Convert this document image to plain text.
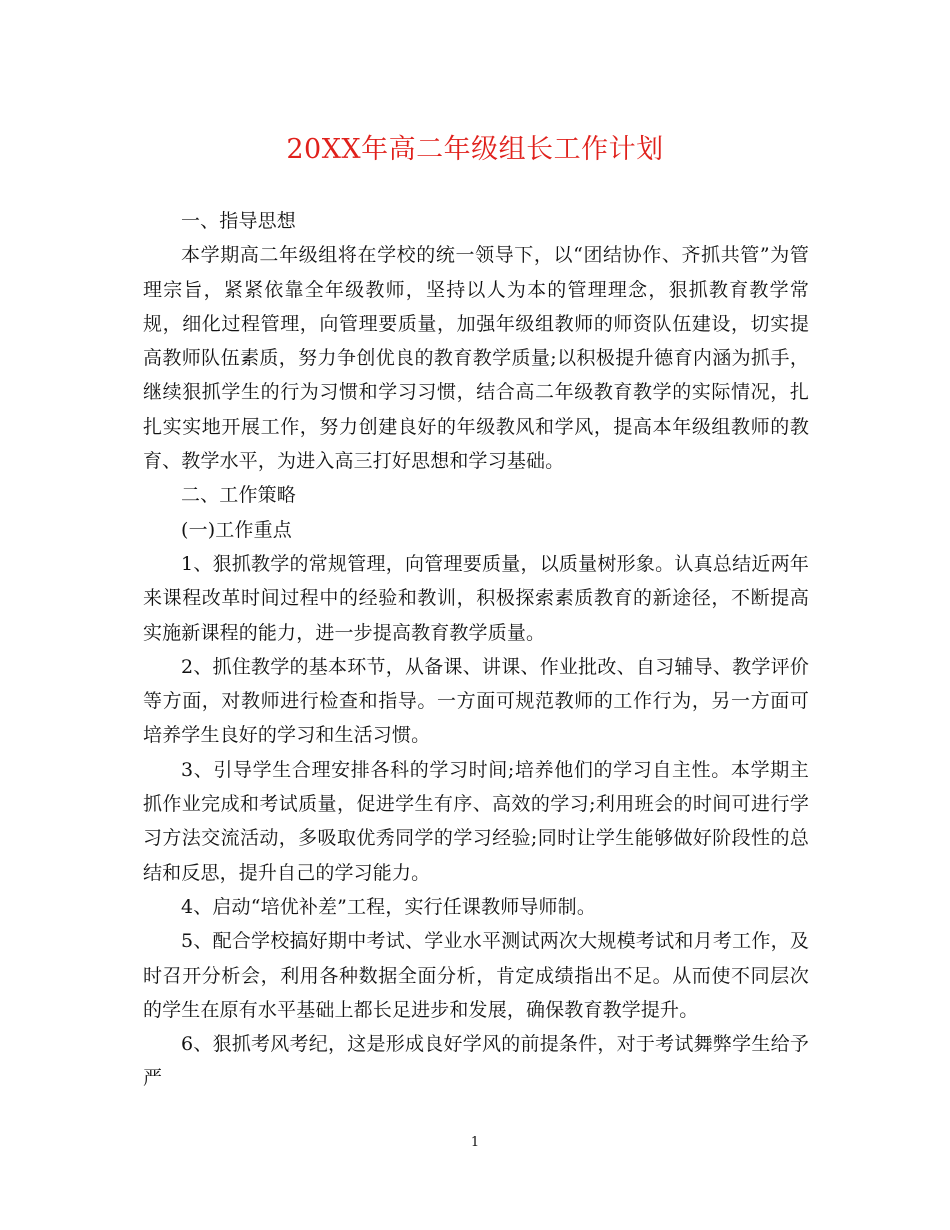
20XX年高二年级组长工作计划

一、指导思想

本学期高二年级组将在学校的统一领导下，以“团结协作、齐抓共管”为管理宗旨，紧紧依靠全年级教师，坚持以人为本的管理理念，狠抓教育教学常规，细化过程管理，向管理要质量，加强年级组教师的师资队伍建设，切实提高教师队伍素质，努力争创优良的教育教学质量;以积极提升德育内涵为抓手，继续狠抓学生的行为习惯和学习习惯，结合高二年级教育教学的实际情况，扎扎实实地开展工作，努力创建良好的年级教风和学风，提高本年级组教师的教育、教学水平，为进入高三打好思想和学习基础。

二、工作策略

(一)工作重点

1、狠抓教学的常规管理，向管理要质量，以质量树形象。认真总结近两年来课程改革时间过程中的经验和教训，积极探索素质教育的新途径，不断提高实施新课程的能力，进一步提高教育教学质量。

2、抓住教学的基本环节，从备课、讲课、作业批改、自习辅导、教学评价等方面，对教师进行检查和指导。一方面可规范教师的工作行为，另一方面可培养学生良好的学习和生活习惯。

3、引导学生合理安排各科的学习时间;培养他们的学习自主性。本学期主抓作业完成和考试质量，促进学生有序、高效的学习;利用班会的时间可进行学习方法交流活动，多吸取优秀同学的学习经验;同时让学生能够做好阶段性的总结和反思，提升自己的学习能力。

4、启动“培优补差”工程，实行任课教师导师制。

5、配合学校搞好期中考试、学业水平测试两次大规模考试和月考工作，及时召开分析会，利用各种数据全面分析，肯定成绩指出不足。从而使不同层次的学生在原有水平基础上都长足进步和发展，确保教育教学提升。

6、狠抓考风考纪，这是形成良好学风的前提条件，对于考试舞弊学生给予严

1
